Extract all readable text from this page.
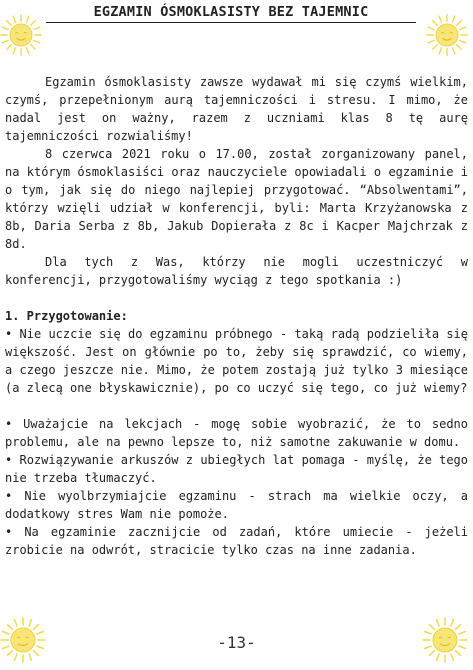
EGZAMIN ÓSMOKLASISTY BEZ TAJEMNIC

Egzamin ósmoklasisty zawsze wydawał mi się czymś wielkim, czymś, przepełnionym aurą tajemniczości i stresu. I mimo, że nadal jest on ważny, razem z uczniami klas 8 tę aurę tajemniczości rozwialiśmy!

8 czerwca 2021 roku o 17.00, został zorganizowany panel, na którym ósmoklasiści oraz nauczyciele opowiadali o egzaminie i o tym, jak się do niego najlepiej przygotować. “Absolwentami”, którzy wzięli udział w konferencji, byli: Marta Krzyżanowska z 8b, Daria Serba z 8b, Jakub Dopierała z 8c i Kacper Majchrzak z 8d.

Dla tych z Was, którzy nie mogli uczestniczyć w konferencji, przygotowaliśmy wyciąg z tego spotkania :)

1. Przygotowanie:

• Nie uczcie się do egzaminu próbnego - taką radą podzieliła się większość. Jest on głównie po to, żeby się sprawdzić, co wiemy, a czego jeszcze nie. Mimo, że potem zostają już tylko 3 miesiące (a zlecą one błyskawicznie), po co uczyć się tego, co już wiemy?

• Uważajcie na lekcjach - mogę sobie wyobrazić, że to sedno problemu, ale na pewno lepsze to, niż samotne zakuwanie w domu.

• Rozwiązywanie arkuszów z ubiegłych lat pomaga - myślę, że tego nie trzeba tłumaczyć.

• Nie wyolbrzymiajcie egzaminu - strach ma wielkie oczy, a dodatkowy stres Wam nie pomoże.

• Na egzaminie zacznijcie od zadań, które umiecie - jeżeli zrobicie na odwrót, stracicie tylko czas na inne zadania.

-13-
